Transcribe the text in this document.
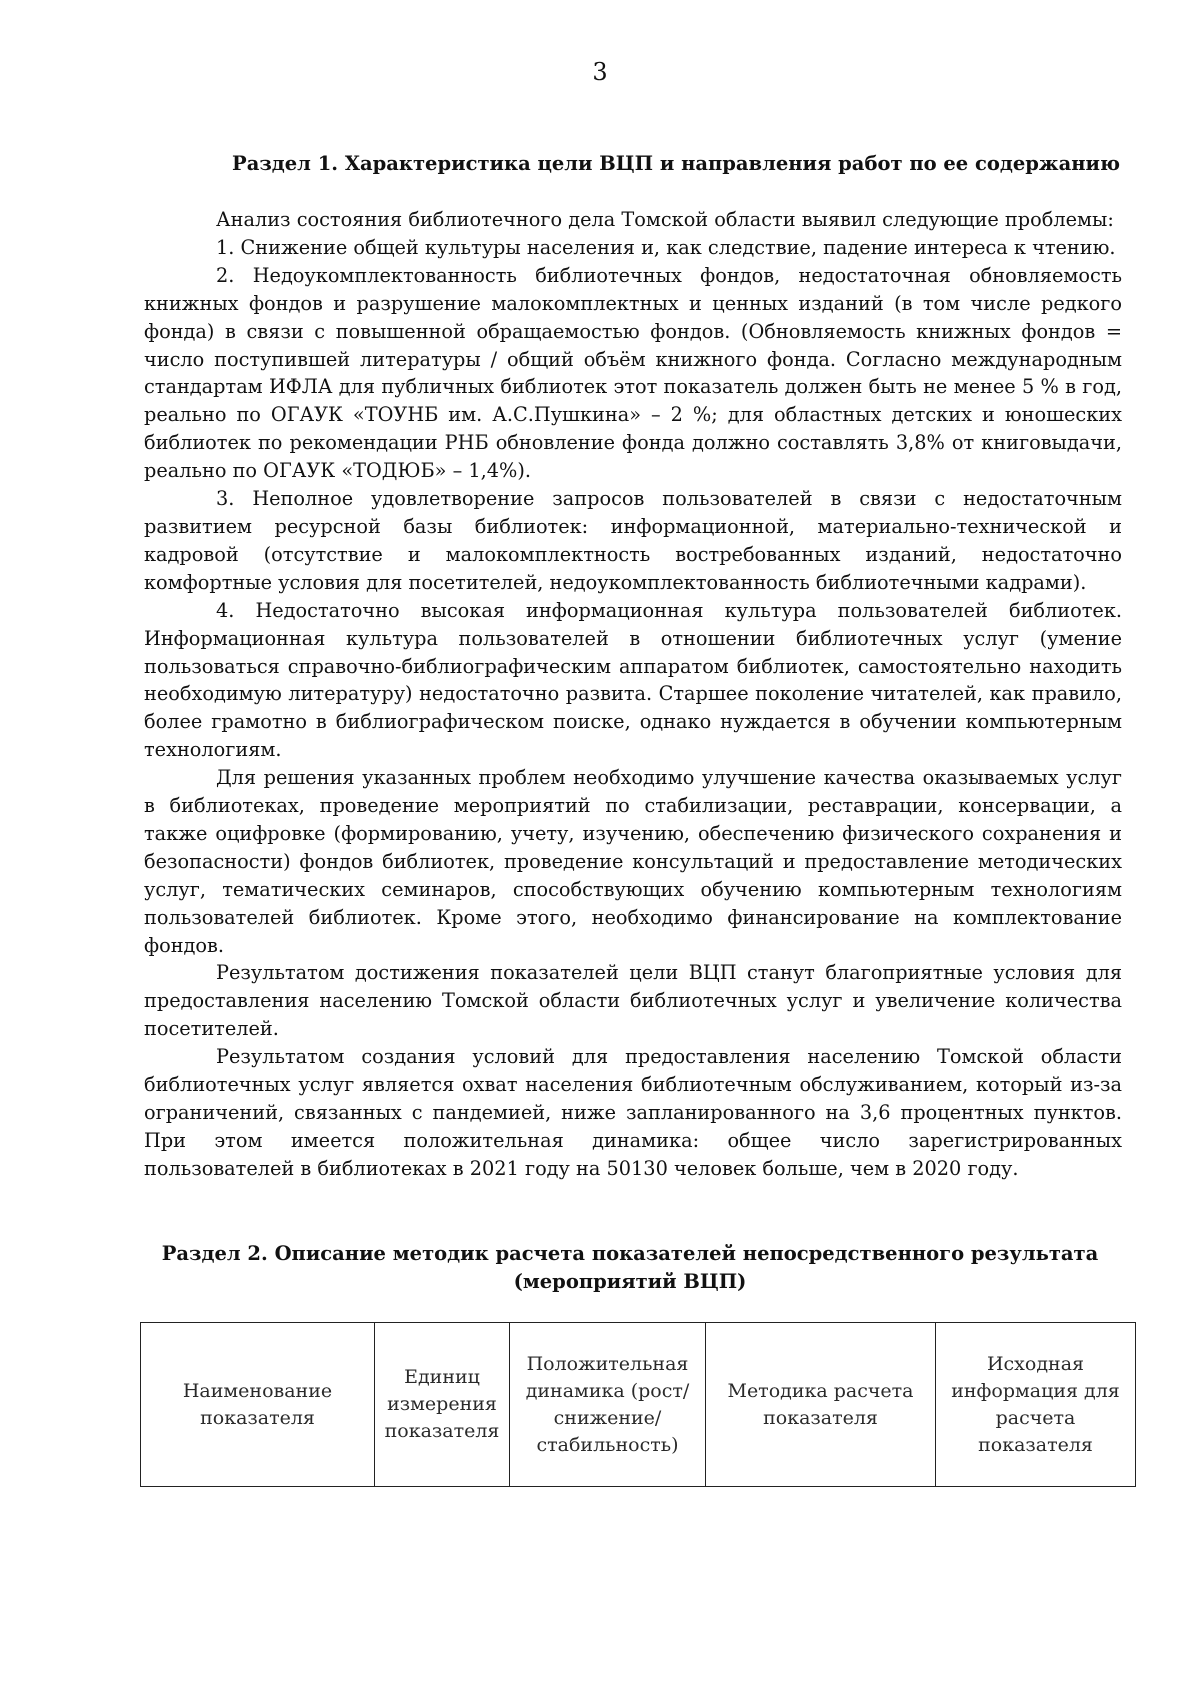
3
Раздел 1. Характеристика цели ВЦП и направления работ по ее содержанию

Анализ состояния библиотечного дела Томской области выявил следующие проблемы:

1. Снижение общей культуры населения и, как следствие, падение интереса к чтению.

2. Недоукомплектованность библиотечных фондов, недостаточная обновляемость книжных фондов и разрушение малокомплектных и ценных изданий (в том числе редкого фонда) в связи с повышенной обращаемостью фондов. (Обновляемость книжных фондов = число поступившей литературы / общий объём книжного фонда. Согласно международным стандартам ИФЛА для публичных библиотек этот показатель должен быть не менее 5 % в год, реально по ОГАУК «ТОУНБ им. А.С.Пушкина» – 2 %; для областных детских и юношеских библиотек по рекомендации РНБ обновление фонда должно составлять 3,8% от книговыдачи, реально по ОГАУК «ТОДЮБ» – 1,4%).

3. Неполное удовлетворение запросов пользователей в связи с недостаточным развитием ресурсной базы библиотек: информационной, материально-технической и кадровой (отсутствие и малокомплектность востребованных изданий, недостаточно комфортные условия для посетителей, недоукомплектованность библиотечными кадрами).

4. Недостаточно высокая информационная культура пользователей библиотек. Информационная культура пользователей в отношении библиотечных услуг (умение пользоваться справочно-библиографическим аппаратом библиотек, самостоятельно находить необходимую литературу) недостаточно развита. Старшее поколение читателей, как правило, более грамотно в библиографическом поиске, однако нуждается в обучении компьютерным технологиям.

Для решения указанных проблем необходимо улучшение качества оказываемых услуг в библиотеках, проведение мероприятий по стабилизации, реставрации, консервации, а также оцифровке (формированию, учету, изучению, обеспечению физического сохранения и безопасности) фондов библиотек, проведение консультаций и предоставление методических услуг, тематических семинаров, способствующих обучению компьютерным технологиям пользователей библиотек. Кроме этого, необходимо финансирование на комплектование фондов.

Результатом достижения показателей цели ВЦП станут благоприятные условия для предоставления населению Томской области библиотечных услуг и увеличение количества посетителей.

Результатом создания условий для предоставления населению Томской области библиотечных услуг является охват населения библиотечным обслуживанием, который из-за ограничений, связанных с пандемией, ниже запланированного на 3,6 процентных пунктов. При этом имеется положительная динамика: общее число зарегистрированных пользователей в библиотеках в 2021 году на 50130 человек больше, чем в 2020 году.

Раздел 2. Описание методик расчета показателей непосредственного результата (мероприятий ВЦП)
Наименование показателя	Единиц измерения показателя	Положительная динамика (рост/снижение/ стабильность)	Методика расчета показателя	Исходная информация для расчета показателя
